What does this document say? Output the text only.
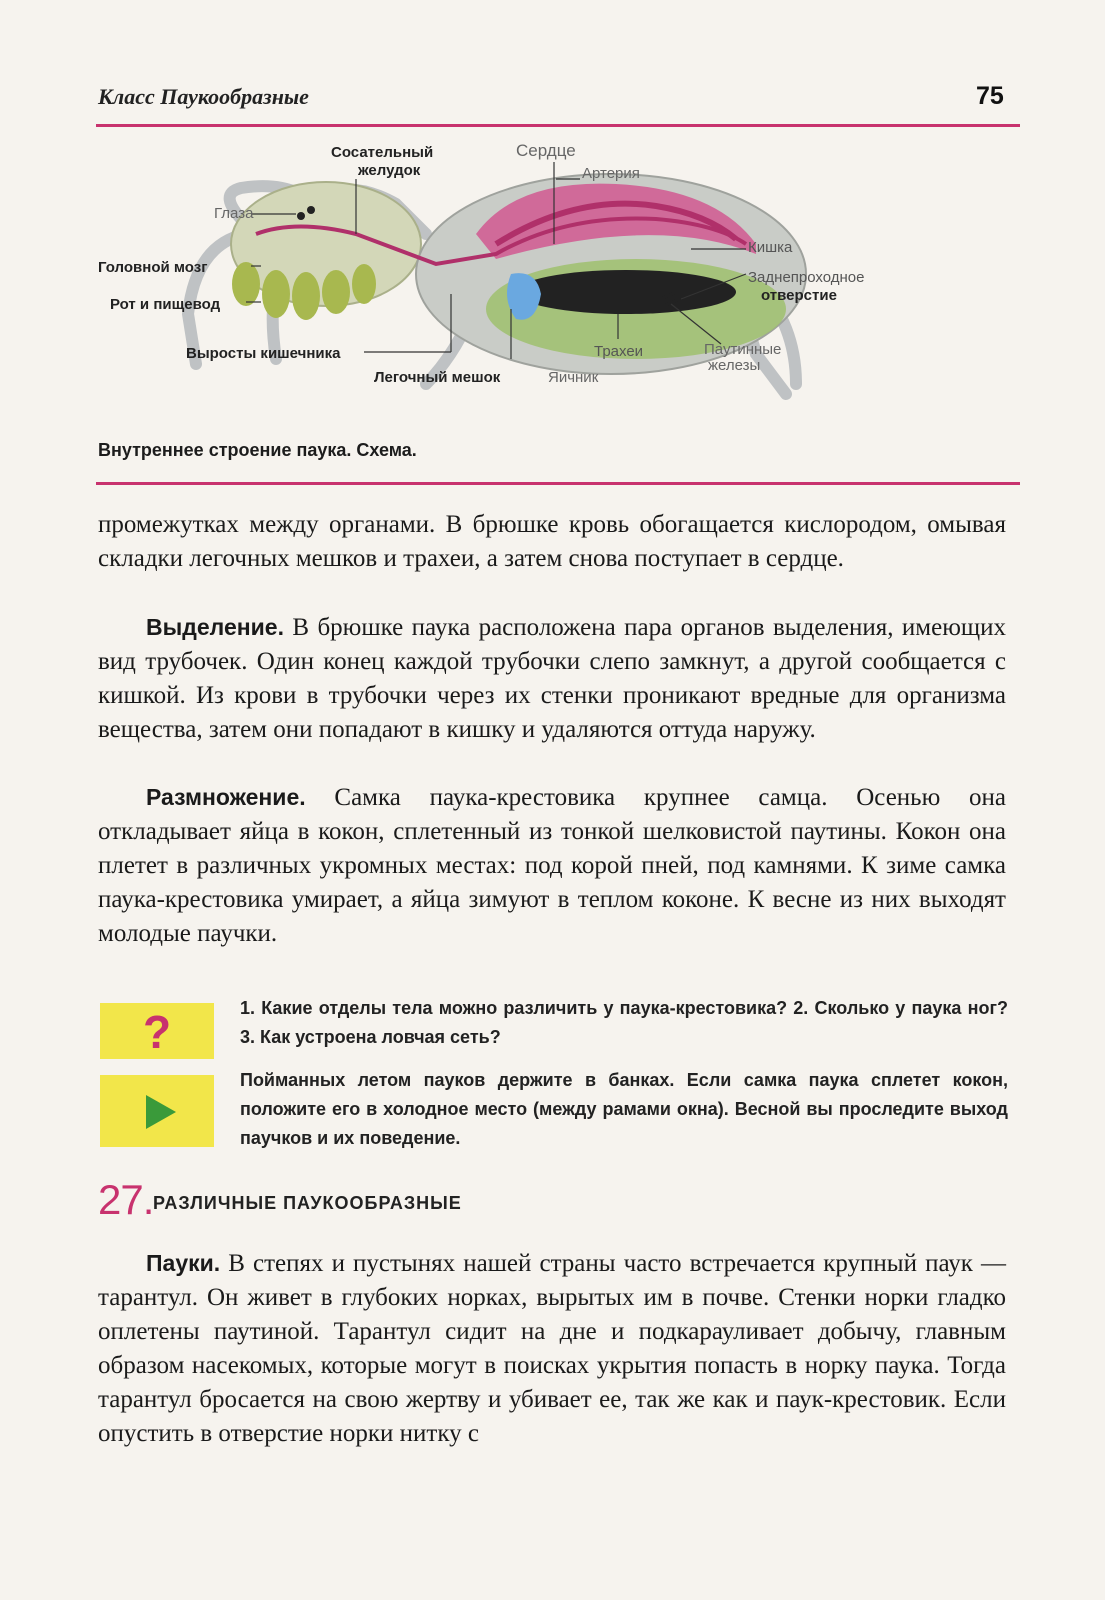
Класс Паукообразные	75
Сосательный
желудок
Сердце
Артерия
Глаза
Головной мозг
Рот и пищевод
Кишка
Заднепроходное
отверстие
Выросты кишечника
Легочный мешок	Яичник
Трахеи	Паутинные
железы
Внутреннее строение паука. Схема.

промежутках между органами. В брюшке кровь обогащается кислородом, омывая складки легочных мешков и трахеи, а затем снова поступает в сердце.

Выделение. В брюшке паука расположена пара органов выделения, имеющих вид трубочек. Один конец каждой трубочки слепо замкнут, а другой сообщается с кишкой. Из крови в трубочки через их стенки проникают вредные для организма вещества, затем они попадают в кишку и удаляются оттуда наружу.

Размножение. Самка паука-крестовика крупнее самца. Осенью она откладывает яйца в кокон, сплетенный из тонкой шелковистой паутины. Кокон она плетет в различных укромных местах: под корой пней, под камнями. К зиме самка паука-крестовика умирает, а яйца зимуют в теплом коконе. К весне из них выходят молодые паучки.

?	1. Какие отделы тела можно различить у паука-крестовика? 2. Сколько у паука ног? 3. Как устроена ловчая сеть?

Пойманных летом пауков держите в банках. Если самка паука сплетет кокон, положите его в холодное место (между рамами окна). Весной вы проследите выход паучков и их поведение.

27. РАЗЛИЧНЫЕ ПАУКООБРАЗНЫЕ

Пауки. В степях и пустынях нашей страны часто встречается крупный паук — тарантул. Он живет в глубоких норках, вырытых им в почве. Стенки норки гладко оплетены паутиной. Тарантул сидит на дне и подкарауливает добычу, главным образом насекомых, которые могут в поисках укрытия попасть в норку паука. Тогда тарантул бросается на свою жертву и убивает ее, так же как и паук-крестовик. Если опустить в отверстие норки нитку с
